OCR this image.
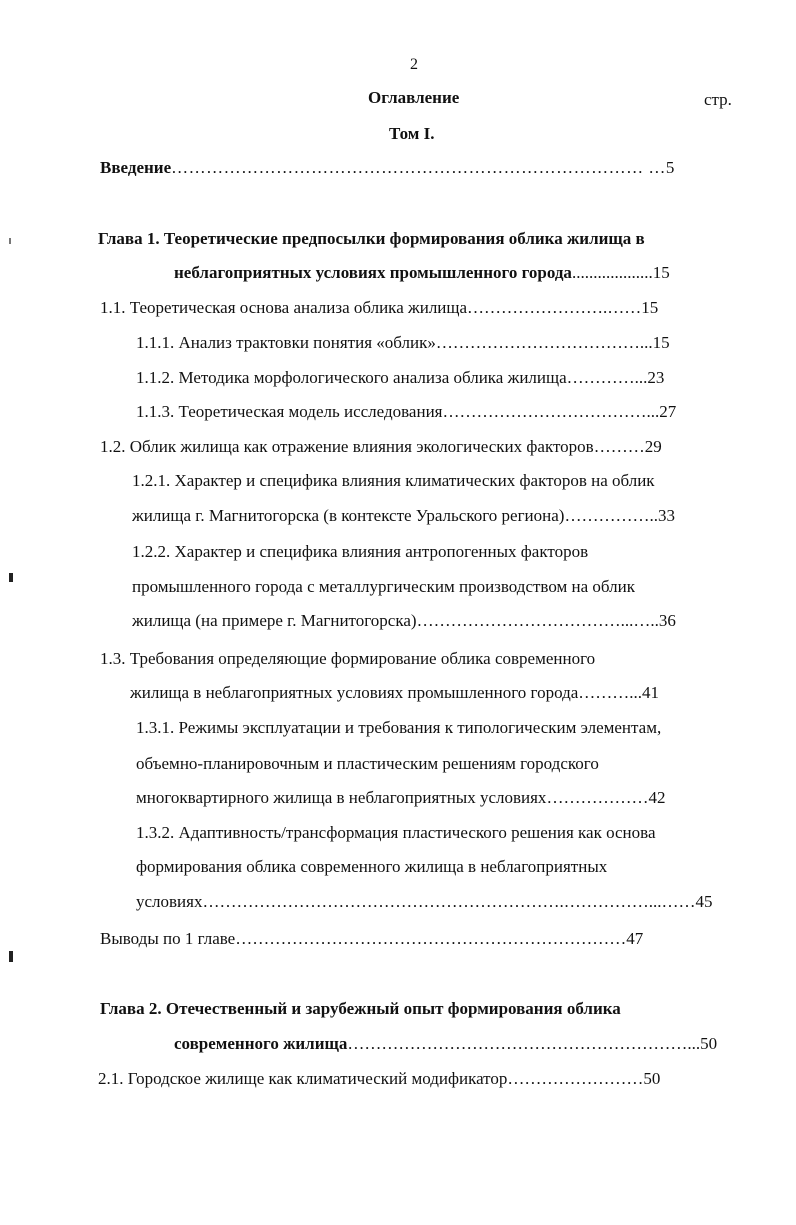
2
Оглавление	стр.
Том I.
Введение……………………………………………………………………… …5
Глава 1. Теоретические предпосылки формирования облика жилища в
неблагоприятных условиях промышленного города...................15
1.1. Теоретическая основа анализа облика жилища…………………….……15
1.1.1. Анализ трактовки понятия «облик»………………………………...15
1.1.2. Методика морфологического анализа облика жилища…………...23
1.1.3. Теоретическая модель исследования………………………………...27
1.2. Облик жилища как отражение влияния экологических факторов………29
1.2.1. Характер и специфика влияния климатических факторов на облик
жилища г. Магнитогорска (в контексте Уральского региона)……………..33
1.2.2. Характер и специфика влияния антропогенных факторов
промышленного города с металлургическим производством на облик
жилища (на примере г. Магнитогорска)………………………………...…..36
1.3. Требования определяющие формирование облика современного
жилища в неблагоприятных условиях промышленного города………...41
1.3.1. Режимы эксплуатации и требования к типологическим элементам,
объемно-планировочным и пластическим решениям городского
многоквартирного жилища в неблагоприятных условиях………………42
1.3.2. Адаптивность/трансформация пластического решения как основа
формирования облика современного жилища в неблагоприятных
условиях……………………………………………………….……………...……45
Выводы по 1 главе……………………………………………………………47
Глава 2. Отечественный и зарубежный опыт формирования облика
современного жилища……………………………………………………...50
2.1. Городское жилище как климатический модификатор……………………50
